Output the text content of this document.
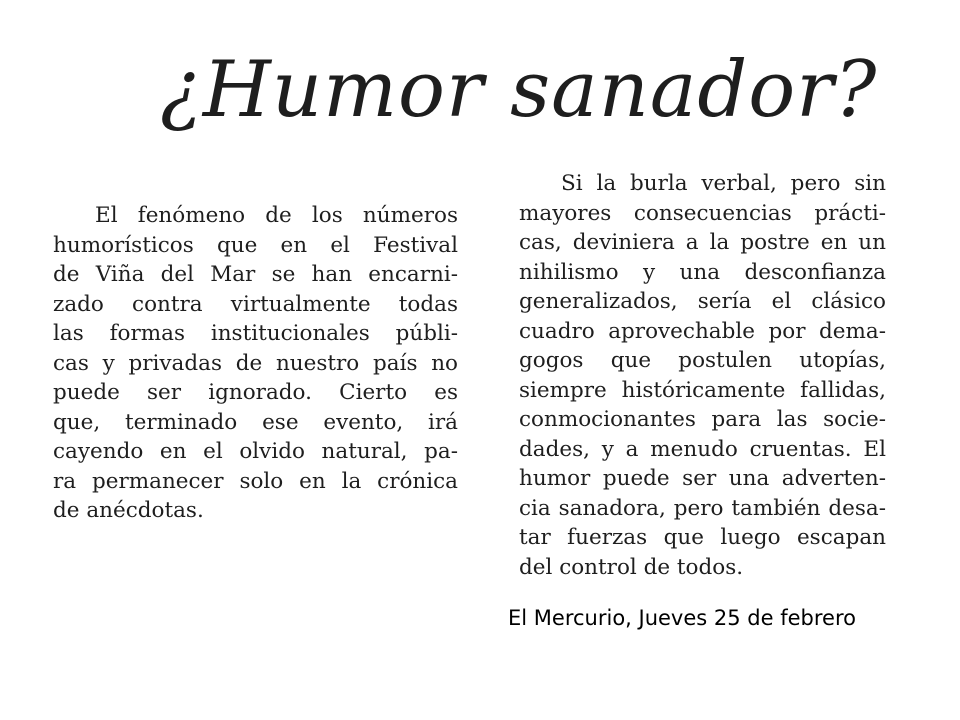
¿Humor sanador?
El fenómeno de los números
humorísticos que en el Festival
de Viña del Mar se han encarni-
zado contra virtualmente todas
las formas institucionales públi-
cas y privadas de nuestro país no
puede ser ignorado. Cierto es
que, terminado ese evento, irá
cayendo en el olvido natural, pa-
ra permanecer solo en la crónica
de anécdotas.
Si la burla verbal, pero sin
mayores consecuencias prácti-
cas, deviniera a la postre en un
nihilismo y una desconfianza
generalizados, sería el clásico
cuadro aprovechable por dema-
gogos que postulen utopías,
siempre históricamente fallidas,
conmocionantes para las socie-
dades, y a menudo cruentas. El
humor puede ser una adverten-
cia sanadora, pero también desa-
tar fuerzas que luego escapan
del control de todos.
El Mercurio, Jueves 25 de febrero
